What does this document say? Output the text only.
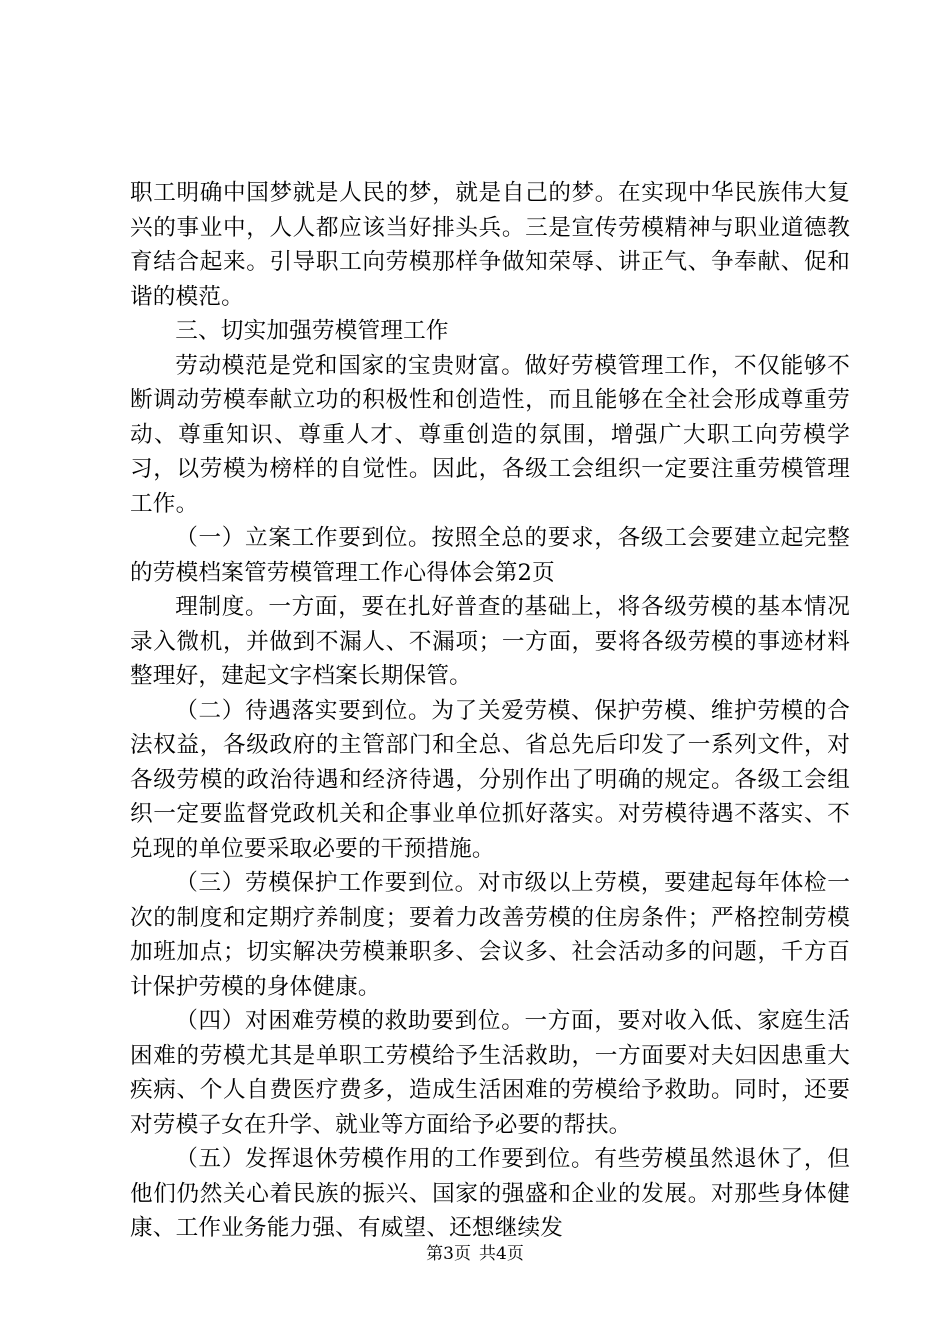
职工明确中国梦就是人民的梦，就是自己的梦。在实现中华民族伟大复兴的事业中，人人都应该当好排头兵。三是宣传劳模精神与职业道德教育结合起来。引导职工向劳模那样争做知荣辱、讲正气、争奉献、促和谐的模范。

三、切实加强劳模管理工作

劳动模范是党和国家的宝贵财富。做好劳模管理工作，不仅能够不断调动劳模奉献立功的积极性和创造性，而且能够在全社会形成尊重劳动、尊重知识、尊重人才、尊重创造的氛围，增强广大职工向劳模学习，以劳模为榜样的自觉性。因此，各级工会组织一定要注重劳模管理工作。

（一）立案工作要到位。按照全总的要求，各级工会要建立起完整的劳模档案管劳模管理工作心得体会第2页

理制度。一方面，要在扎好普查的基础上，将各级劳模的基本情况录入微机，并做到不漏人、不漏项；一方面，要将各级劳模的事迹材料整理好，建起文字档案长期保管。

（二）待遇落实要到位。为了关爱劳模、保护劳模、维护劳模的合法权益，各级政府的主管部门和全总、省总先后印发了一系列文件，对各级劳模的政治待遇和经济待遇，分别作出了明确的规定。各级工会组织一定要监督党政机关和企事业单位抓好落实。对劳模待遇不落实、不兑现的单位要采取必要的干预措施。

（三）劳模保护工作要到位。对市级以上劳模，要建起每年体检一次的制度和定期疗养制度；要着力改善劳模的住房条件；严格控制劳模加班加点；切实解决劳模兼职多、会议多、社会活动多的问题，千方百计保护劳模的身体健康。

（四）对困难劳模的救助要到位。一方面，要对收入低、家庭生活困难的劳模尤其是单职工劳模给予生活救助，一方面要对夫妇因患重大疾病、个人自费医疗费多，造成生活困难的劳模给予救助。同时，还要对劳模子女在升学、就业等方面给予必要的帮扶。

（五）发挥退休劳模作用的工作要到位。有些劳模虽然退休了，但他们仍然关心着民族的振兴、国家的强盛和企业的发展。对那些身体健康、工作业务能力强、有威望、还想继续发

第3页 共4页
